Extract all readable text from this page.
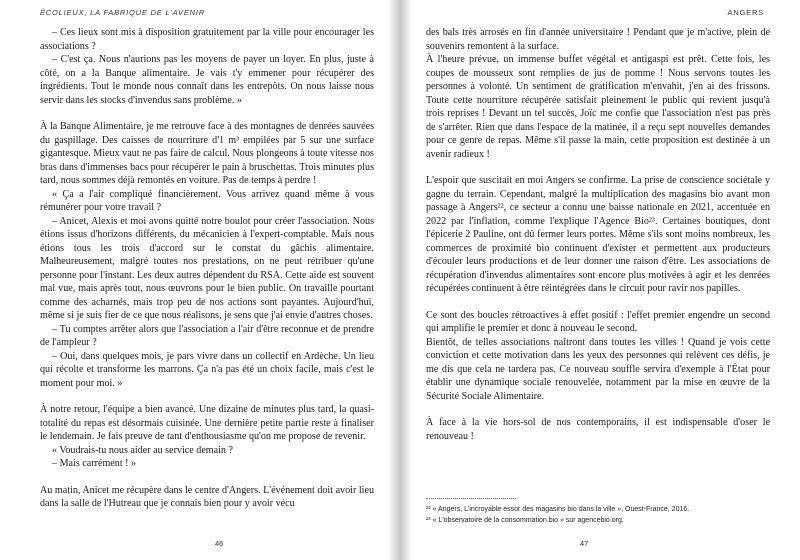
ÉCOLIEUX, LA FABRIQUE DE L'AVENIR

– Ces lieux sont mis à disposition gratuitement par la ville pour encourager les associations ?

– C'est ça. Nous n'aurions pas les moyens de payer un loyer. En plus, juste à côté, on a la Banque alimentaire. Je vais t'y emmener pour récupérer des ingrédients. Tout le monde nous connaît dans les entrepôts. On nous laisse nous servir dans les stocks d'invendus sans problème. »

À la Banque Alimentaire, je me retrouve face à des montagnes de denrées sauvées du gaspillage. Des caisses de nourriture d'1 m³ empilées par 5 sur une surface gigantesque. Mieux vaut ne pas faire de calcul. Nous plongeons à toute vitesse nos bras dans d'immenses bacs pour récupérer le pain à bruschettas. Trois minutes plus tard, nous sommes déjà remontés en voiture. Pas de temps à perdre !

« Ça a l'air compliqué financièrement. Vous arrivez quand même à vous rémunérer pour votre travail ?

– Anicet, Alexis et moi avons quitté notre boulot pour créer l'association. Nous étions issus d'horizons différents, du mécanicien à l'expert-comptable. Mais nous étions tous les trois d'accord sur le constat du gâchis alimentaire. Malheureusement, malgré toutes nos prestations, on ne peut rétribuer qu'une personne pour l'instant. Les deux autres dépendent du RSA. Cette aide est souvent mal vue, mais après tout, nous œuvrons pour le bien public. On travaille pourtant comme des acharnés, mais trop peu de nos actions sont payantes. Aujourd'hui, même si je suis fier de ce que nous réalisons, je sens que j'ai envie d'autres choses.

– Tu comptes arrêter alors que l'association a l'air d'être reconnue et de prendre de l'ampleur ?

– Oui, dans quelques mois, je pars vivre dans un collectif en Ardèche. Un lieu qui récolte et transforme les marrons. Ça n'a pas été un choix facile, mais c'est le moment pour moi. »

À notre retour, l'équipe a bien avancé. Une dizaine de minutes plus tard, la quasi-totalité du repas est désormais cuisinée. Une dernière petite partie reste à finaliser le lendemain. Je fais preuve de tant d'enthousiasme qu'on me propose de revenir.

« Voudrais-tu nous aider au service demain ?

– Mais carrément ! »

Au matin, Anicet me récupère dans le centre d'Angers. L'événement doit avoir lieu dans la salle de l'Hutreau que je connais bien pour y avoir vécu

46
ANGERS

des bals très arrosés en fin d'année universitaire ! Pendant que je m'active, plein de souvenirs remontent à la surface.

À l'heure prévue, un immense buffet végétal et antigaspi est prêt. Cette fois, les coupes de mousseux sont remplies de jus de pomme ! Nous servons toutes les personnes à volonté. Un sentiment de gratification m'envahit, j'en ai des frissons. Toute cette nourriture récupérée satisfait pleinement le public qui revient jusqu'à trois reprises ! Devant un tel succès, Joïc me confie que l'association n'est pas près de s'arrêter. Rien que dans l'espace de la matinée, il a reçu sept nouvelles demandes pour ce genre de repas. Même s'il passe la main, cette proposition est destinée à un avenir radieux !

L'espoir que suscitait en moi Angers se confirme. La prise de conscience sociétale y gagne du terrain. Cependant, malgré la multiplication des magasins bio avant mon passage à Angers²², ce secteur a connu une baisse nationale en 2021, accentuée en 2022 par l'inflation, comme l'explique l'Agence Bio²³. Certaines boutiques, dont l'épicerie 2 Pauline, ont dû fermer leurs portes. Même s'ils sont moins nombreux, les commerces de proximité bio continuent d'exister et permettent aux producteurs d'écouler leurs productions et de leur donner une raison d'être. Les associations de récupération d'invendus alimentaires sont encore plus motivées à agir et les denrées récupérées continuent à être réintégrées dans le circuit pour ravir nos papilles.

Ce sont des boucles rétroactives à effet positif : l'effet premier engendre un second qui amplifie le premier et donc à nouveau le second.

Bientôt, de telles associations naîtront dans toutes les villes ! Quand je vois cette conviction et cette motivation dans les yeux des personnes qui relèvent ces défis, je me dis que cela ne tardera pas. Ce nouveau souffle servira d'exemple à l'État pour établir une dynamique sociale renouvelée, notamment par la mise en œuvre de la Sécurité Sociale Alimentaire.

À face à la vie hors-sol de nos contemporains, il est indispensable d'oser le renouveau !

²² « Angers, L'incroyable essor des magasins bio dans la ville », Ouest-France, 2016.

²³ « L'observatoire de la consommation bio » sur agencebio.org.

47
